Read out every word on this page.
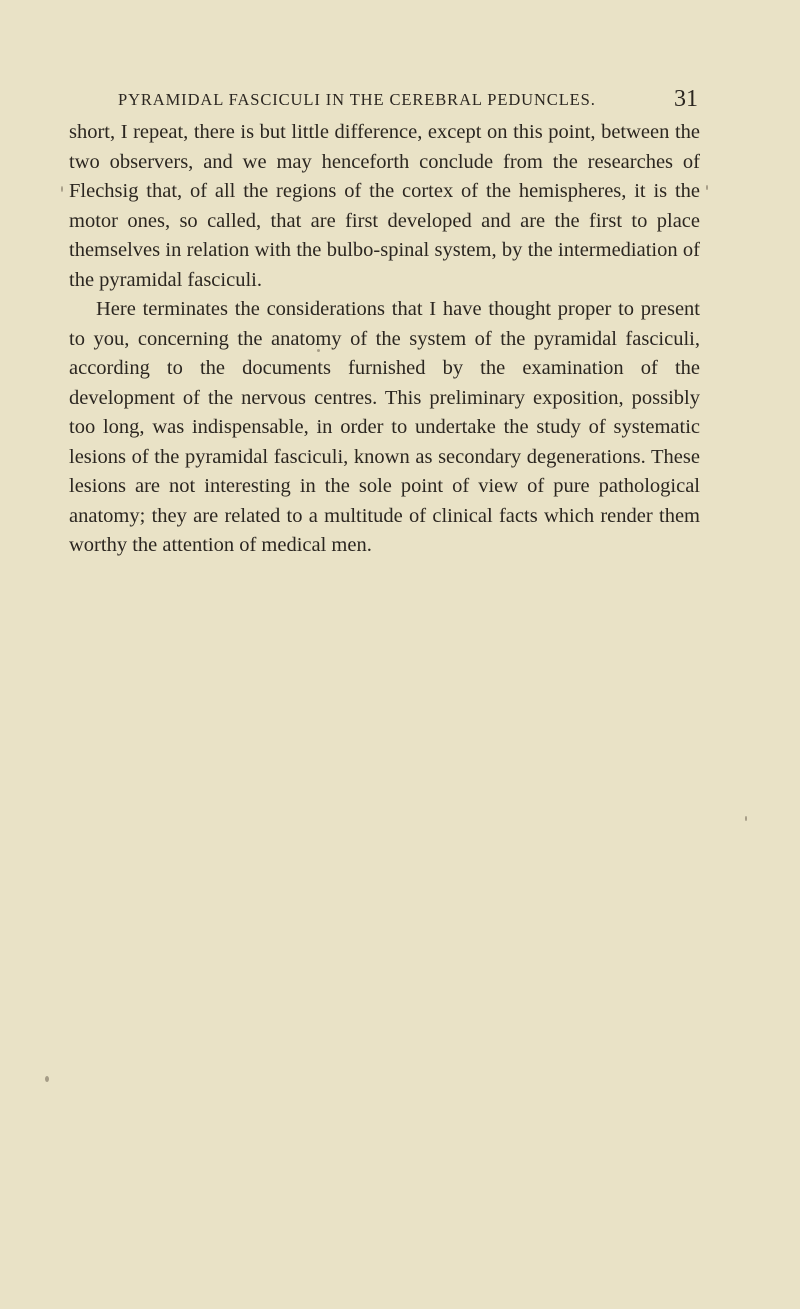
PYRAMIDAL FASCICULI IN THE CEREBRAL PEDUNCLES.	31

short, I repeat, there is but little difference, except on this point, between the two observers, and we may henceforth conclude from the researches of Flechsig that, of all the regions of the cortex of the hemispheres, it is the motor ones, so called, that are first developed and are the first to place themselves in relation with the bulbo-spinal system, by the intermediation of the pyramidal fasciculi.

Here terminates the considerations that I have thought proper to present to you, concerning the anatomy of the system of the pyramidal fasciculi, according to the documents furnished by the examination of the development of the nervous centres. This preliminary exposition, possibly too long, was indispensable, in order to undertake the study of systematic lesions of the pyramidal fasciculi, known as secondary degenerations. These lesions are not interesting in the sole point of view of pure pathological anatomy; they are related to a multitude of clinical facts which render them worthy the attention of medical men.
